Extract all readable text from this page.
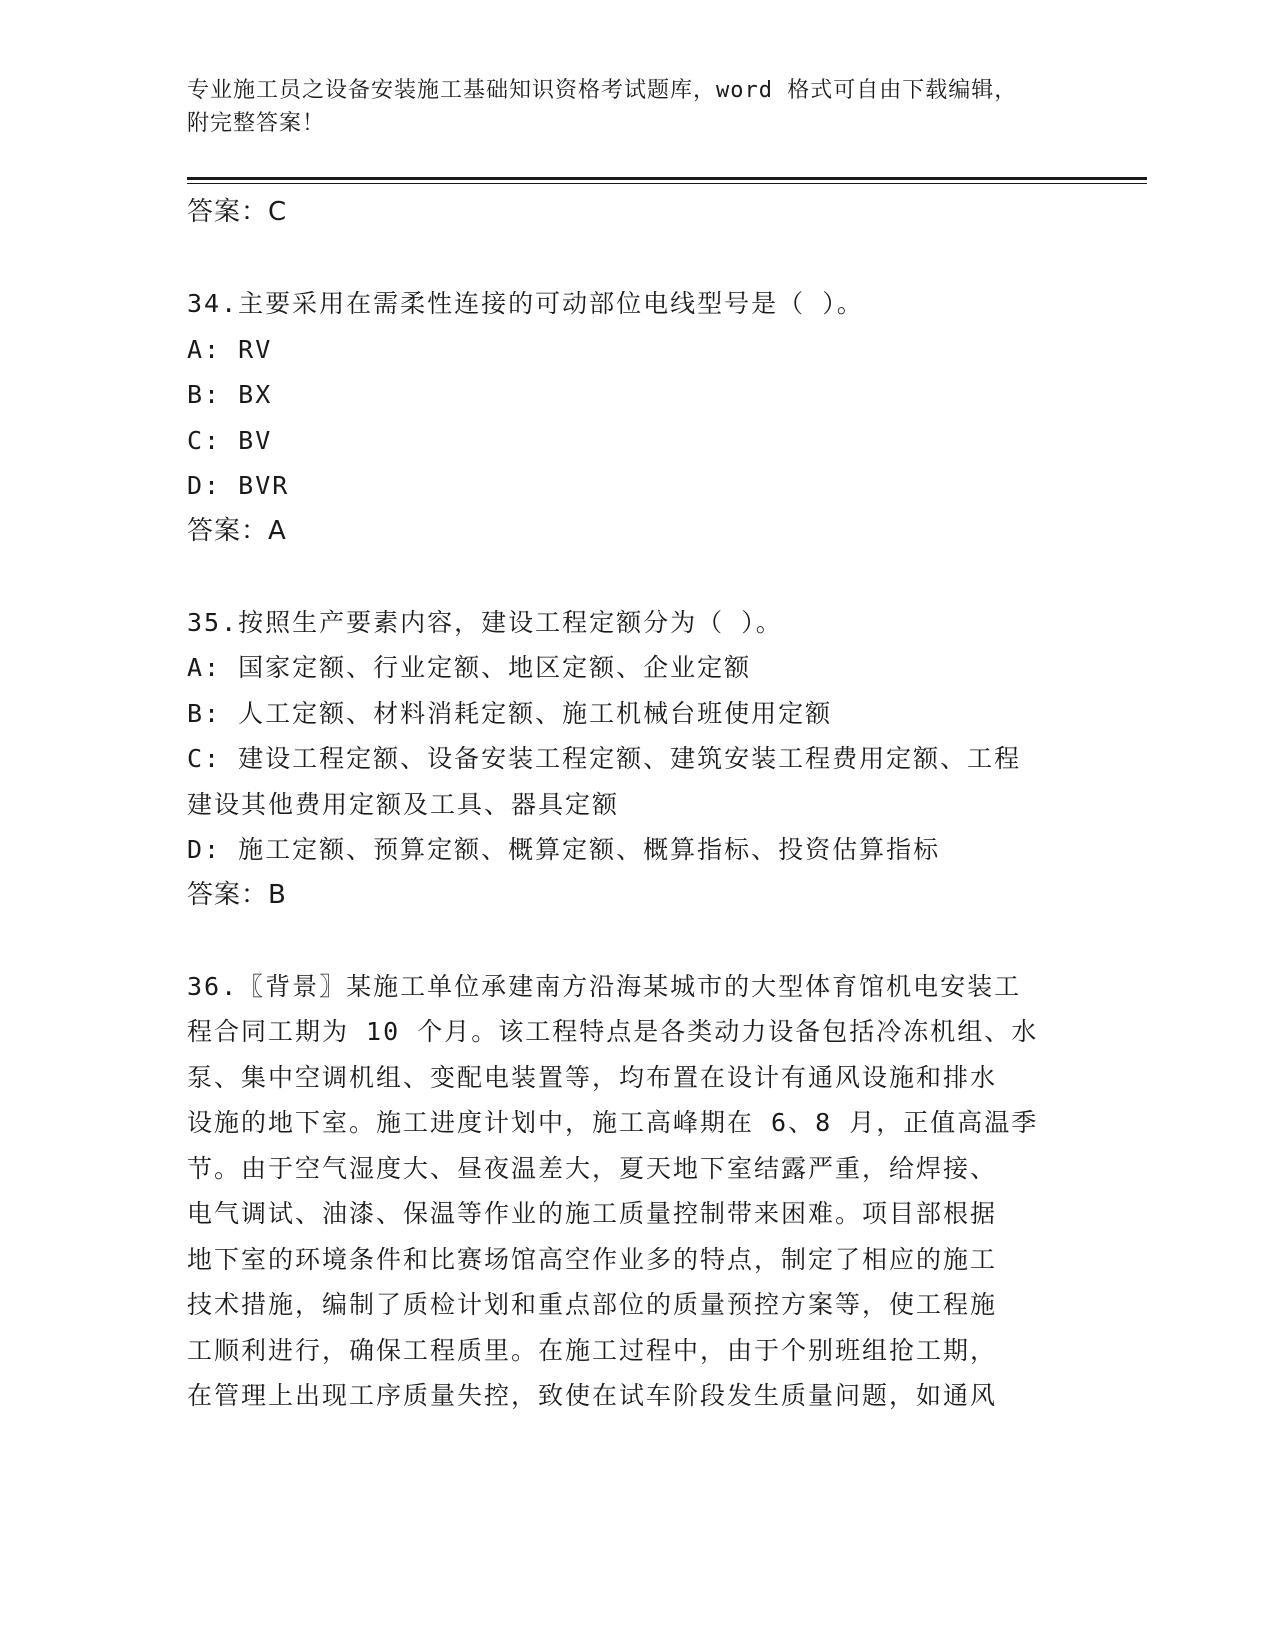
专业施工员之设备安装施工基础知识资格考试题库，word 格式可自由下载编辑，
附完整答案！
答案：C
34.主要采用在需柔性连接的可动部位电线型号是（ ）。
A: RV
B: BX
C: BV
D: BVR
答案：A
35.按照生产要素内容，建设工程定额分为（ ）。
A: 国家定额、行业定额、地区定额、企业定额
B: 人工定额、材料消耗定额、施工机械台班使用定额
C: 建设工程定额、设备安装工程定额、建筑安装工程费用定额、工程
建设其他费用定额及工具、器具定额
D: 施工定额、预算定额、概算定额、概算指标、投资估算指标
答案：B
36.〖背景〗某施工单位承建南方沿海某城市的大型体育馆机电安装工
程合同工期为 10 个月。该工程特点是各类动力设备包括冷冻机组、水
泵、集中空调机组、变配电装置等，均布置在设计有通风设施和排水
设施的地下室。施工进度计划中，施工高峰期在 6、8 月，正值高温季
节。由于空气湿度大、昼夜温差大，夏天地下室结露严重，给焊接、
电气调试、油漆、保温等作业的施工质量控制带来困难。项目部根据
地下室的环境条件和比赛场馆高空作业多的特点，制定了相应的施工
技术措施，编制了质检计划和重点部位的质量预控方案等，使工程施
工顺利进行，确保工程质里。在施工过程中，由于个别班组抢工期，
在管理上出现工序质量失控，致使在试车阶段发生质量问题，如通风
